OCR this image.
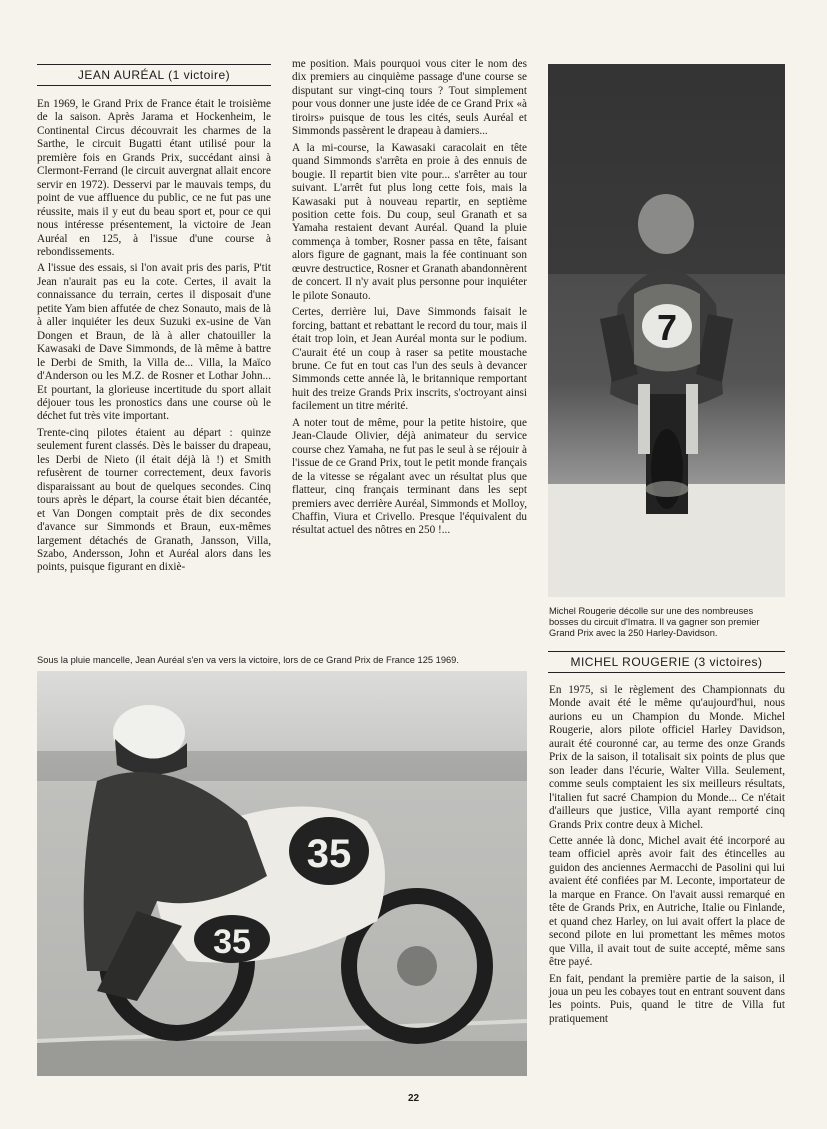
JEAN AURÉAL (1 victoire)

En 1969, le Grand Prix de France était le troisième de la saison. Après Jarama et Hockenheim, le Continental Circus découvrait les charmes de la Sarthe, le circuit Bugatti étant utilisé pour la première fois en Grands Prix, succédant ainsi à Clermont-Ferrand (le circuit auvergnat allait encore servir en 1972). Desservi par le mauvais temps, du point de vue affluence du public, ce ne fut pas une réussite, mais il y eut du beau sport et, pour ce qui nous intéresse présentement, la victoire de Jean Auréal en 125, à l'issue d'une course à rebondissements.

A l'issue des essais, si l'on avait pris des paris, P'tit Jean n'aurait pas eu la cote. Certes, il avait la connaissance du terrain, certes il disposait d'une petite Yam bien affutée de chez Sonauto, mais de là à aller inquiéter les deux Suzuki ex-usine de Van Dongen et Braun, de là à aller chatouiller la Kawasaki de Dave Simmonds, de là même à battre le Derbi de Smith, la Villa de... Villa, la Maïco d'Anderson ou les M.Z. de Rosner et Lothar John... Et pourtant, la glorieuse incertitude du sport allait déjouer tous les pronostics dans une course où le déchet fut très vite important.

Trente-cinq pilotes étaient au départ : quinze seulement furent classés. Dès le baisser du drapeau, les Derbi de Nieto (il était déjà là !) et Smith refusèrent de tourner correctement, deux favoris disparaissant au bout de quelques secondes. Cinq tours après le départ, la course était bien décantée, et Van Dongen comptait près de dix secondes d'avance sur Simmonds et Braun, eux-mêmes largement détachés de Granath, Jansson, Villa, Szabo, Andersson, John et Auréal alors dans les points, puisque figurant en dixiè-

me position. Mais pourquoi vous citer le nom des dix premiers au cinquième passage d'une course se disputant sur vingt-cinq tours ? Tout simplement pour vous donner une juste idée de ce Grand Prix «à tiroirs» puisque de tous les cités, seuls Auréal et Simmonds passèrent le drapeau à damiers...

A la mi-course, la Kawasaki caracolait en tête quand Simmonds s'arrêta en proie à des ennuis de bougie. Il repartit bien vite pour... s'arrêter au tour suivant. L'arrêt fut plus long cette fois, mais la Kawasaki put à nouveau repartir, en septième position cette fois. Du coup, seul Granath et sa Yamaha restaient devant Auréal. Quand la pluie commença à tomber, Rosner passa en tête, faisant alors figure de gagnant, mais la fée continuant son œuvre destructice, Rosner et Granath abandonnèrent de concert. Il n'y avait plus personne pour inquiéter le pilote Sonauto.

Certes, derrière lui, Dave Simmonds faisait le forcing, battant et rebattant le record du tour, mais il était trop loin, et Jean Auréal monta sur le podium. C'aurait été un coup à raser sa petite moustache brune. Ce fut en tout cas l'un des seuls à devancer Simmonds cette année là, le britannique remportant huit des treize Grands Prix inscrits, s'octroyant ainsi facilement un titre mérité.

A noter tout de même, pour la petite histoire, que Jean-Claude Olivier, déjà animateur du service course chez Yamaha, ne fut pas le seul à se réjouir à l'issue de ce Grand Prix, tout le petit monde français de la vitesse se régalant avec un résultat plus que flatteur, cinq français terminant dans les sept premiers avec derrière Auréal, Simmonds et Molloy, Chaffin, Viura et Crivello. Presque l'équivalent du résultat actuel des nôtres en 250 !...

7
Michel Rougerie décolle sur une des nombreuses bosses du circuit d'Imatra. Il va gagner son premier Grand Prix avec la 250 Harley-Davidson.
Sous la pluie mancelle, Jean Auréal s'en va vers la victoire, lors de ce Grand Prix de France 125 1969.
35
35
MICHEL ROUGERIE (3 victoires)

En 1975, si le règlement des Championnats du Monde avait été le même qu'aujourd'hui, nous aurions eu un Champion du Monde. Michel Rougerie, alors pilote officiel Harley Davidson, aurait été couronné car, au terme des onze Grands Prix de la saison, il totalisait six points de plus que son leader dans l'écurie, Walter Villa. Seulement, comme seuls comptaient les six meilleurs résultats, l'italien fut sacré Champion du Monde... Ce n'était d'ailleurs que justice, Villa ayant remporté cinq Grands Prix contre deux à Michel.

Cette année là donc, Michel avait été incorporé au team officiel après avoir fait des étincelles au guidon des anciennes Aermacchi de Pasolini qui lui avaient été confiées par M. Leconte, importateur de la marque en France. On l'avait aussi remarqué en tête de Grands Prix, en Autriche, Italie ou Finlande, et quand chez Harley, on lui avait offert la place de second pilote en lui promettant les mêmes motos que Villa, il avait tout de suite accepté, même sans être payé.

En fait, pendant la première partie de la saison, il joua un peu les cobayes tout en entrant souvent dans les points. Puis, quand le titre de Villa fut pratiquement

22
